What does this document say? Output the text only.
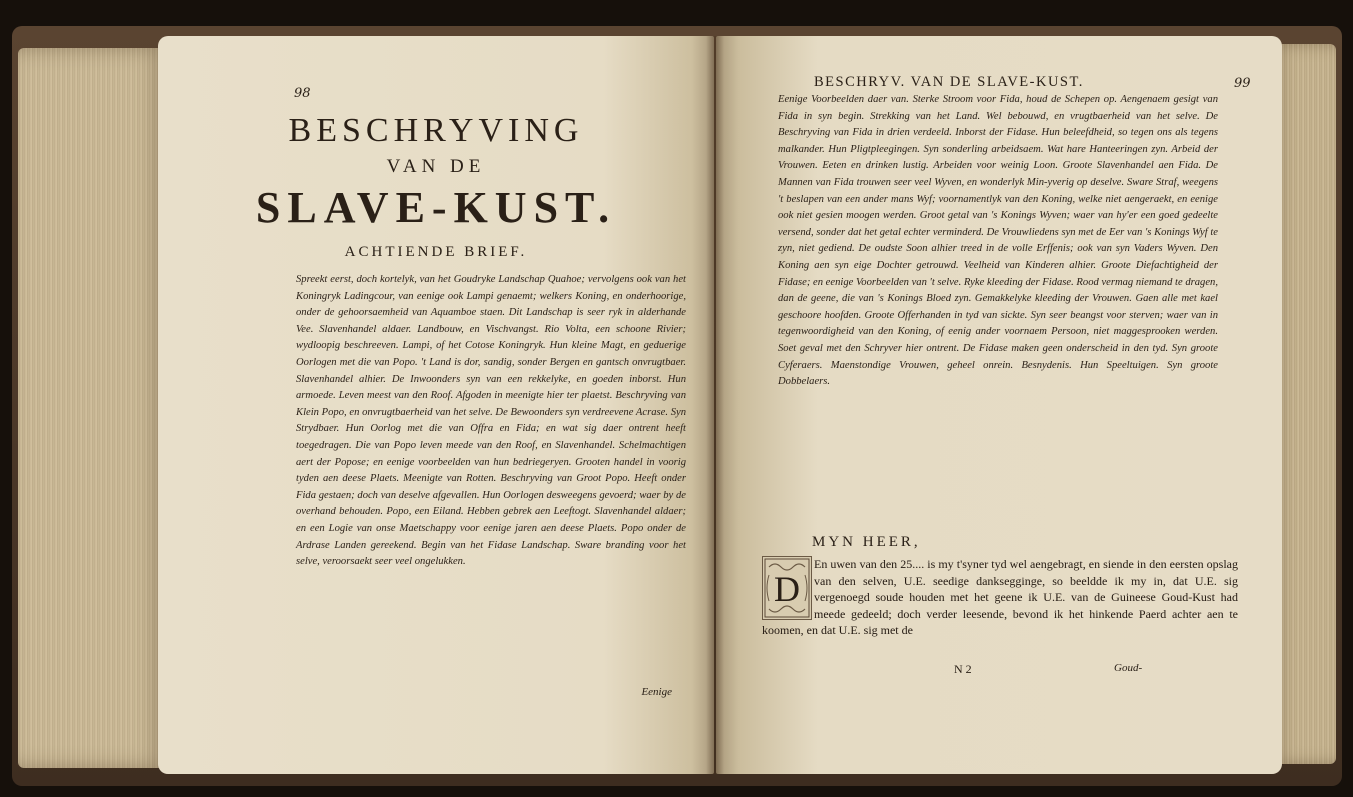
98
BESCHRYVING
VAN DE
SLAVE-KUST.
ACHTIENDE BRIEF.
Spreekt eerst, doch kortelyk, van het Goudryke Landschap Quahoe; vervolgens ook van het Koningryk Ladingcour, van eenige ook Lampi genaemt; welkers Koning, en onderhoorige, onder de gehoorsaemheid van Aquamboe staen. Dit Landschap is seer ryk in alderhande Vee. Slavenhandel aldaer. Landbouw, en Vischvangst. Rio Volta, een schoone Rivier; wydloopig beschreeven. Lampi, of het Cotose Koningryk. Hun kleine Magt, en geduerige Oorlogen met die van Popo. 't Land is dor, sandig, sonder Bergen en gantsch onvrugtbaer. Slavenhandel alhier. De Inwoonders syn van een rekkelyke, en goeden inborst. Hun armoede. Leven meest van den Roof. Afgoden in meenigte hier ter plaetst. Beschryving van Klein Popo, en onvrugtbaerheid van het selve. De Bewoonders syn verdreevene Acrase. Syn Strydbaer. Hun Oorlog met die van Offra en Fida; en wat sig daer ontrent heeft toegedragen. Die van Popo leven meede van den Roof, en Slavenhandel. Schelmachtigen aert der Popose; en eenige voorbeelden van hun bedriegeryen. Grooten handel in voorig tyden aen deese Plaets. Meenigte van Rotten. Beschryving van Groot Popo. Heeft onder Fida gestaen; doch van deselve afgevallen. Hun Oorlogen desweegens gevoerd; waer by de overhand behouden. Popo, een Eiland. Hebben gebrek aen Leeftogt. Slavenhandel aldaer; en een Logie van onse Maetschappy voor eenige jaren aen deese Plaets. Popo onder de Ardrase Landen gereekend. Begin van het Fidase Landschap. Sware branding voor het selve, veroorsaekt seer veel ongelukken.
Eenige
BESCHRYV. VAN DE SLAVE-KUST.	99
Eenige Voorbeelden daer van. Sterke Stroom voor Fida, houd de Schepen op. Aengenaem gesigt van Fida in syn begin. Strekking van het Land. Wel bebouwd, en vrugtbaerheid van het selve. De Beschryving van Fida in drien verdeeld. Inborst der Fidase. Hun beleefdheid, so tegen ons als tegens malkander. Hun Pligtpleegingen. Syn sonderling arbeidsaem. Wat hare Hanteeringen zyn. Arbeid der Vrouwen. Eeten en drinken lustig. Arbeiden voor weinig Loon. Groote Slavenhandel aen Fida. De Mannen van Fida trouwen seer veel Wyven, en wonderlyk Min-yverig op deselve. Sware Straf, weegens 't beslapen van een ander mans Wyf; voornamentlyk van den Koning, welke niet aengeraekt, en eenige ook niet gesien moogen werden. Groot getal van 's Konings Wyven; waer van hy'er een goed gedeelte versend, sonder dat het getal echter verminderd. De Vrouwliedens syn met de Eer van 's Konings Wyf te zyn, niet gediend. De oudste Soon alhier treed in de volle Erffenis; ook van syn Vaders Wyven. Den Koning aen syn eige Dochter getrouwd. Veelheid van Kinderen alhier. Groote Diefachtigheid der Fidase; en eenige Voorbeelden van 't selve. Ryke kleeding der Fidase. Rood vermag niemand te dragen, dan de geene, die van 's Konings Bloed zyn. Gemakkelyke kleeding der Vrouwen. Gaen alle met kael geschoore hoofden. Groote Offerhanden in tyd van sickte. Syn seer beangst voor sterven; waer van in tegenwoordigheid van den Koning, of eenig ander voornaem Persoon, niet maggesprooken werden. Soet geval met den Schryver hier ontrent. De Fidase maken geen onderscheid in den tyd. Syn groote Cyferaers. Maenstondige Vrouwen, geheel onrein. Besnydenis. Hun Speeltuigen. Syn groote Dobbelaers.
MYN HEER,
En uwen van den 25.... is my t'syner tyd wel aengebragt, en siende in den eersten opslag van den selven, U.E. seedige dankseggingе, so beeldde ik my in, dat U.E. sig vergenoegd soude houden met het geene ik U.E. van de Guineese Goud-Kust had meede gedeeld; doch verder leesende, bevond ik het hinkende Paerd achter aen te koomen, en dat U.E. sig met de
D
N 2	Goud-
